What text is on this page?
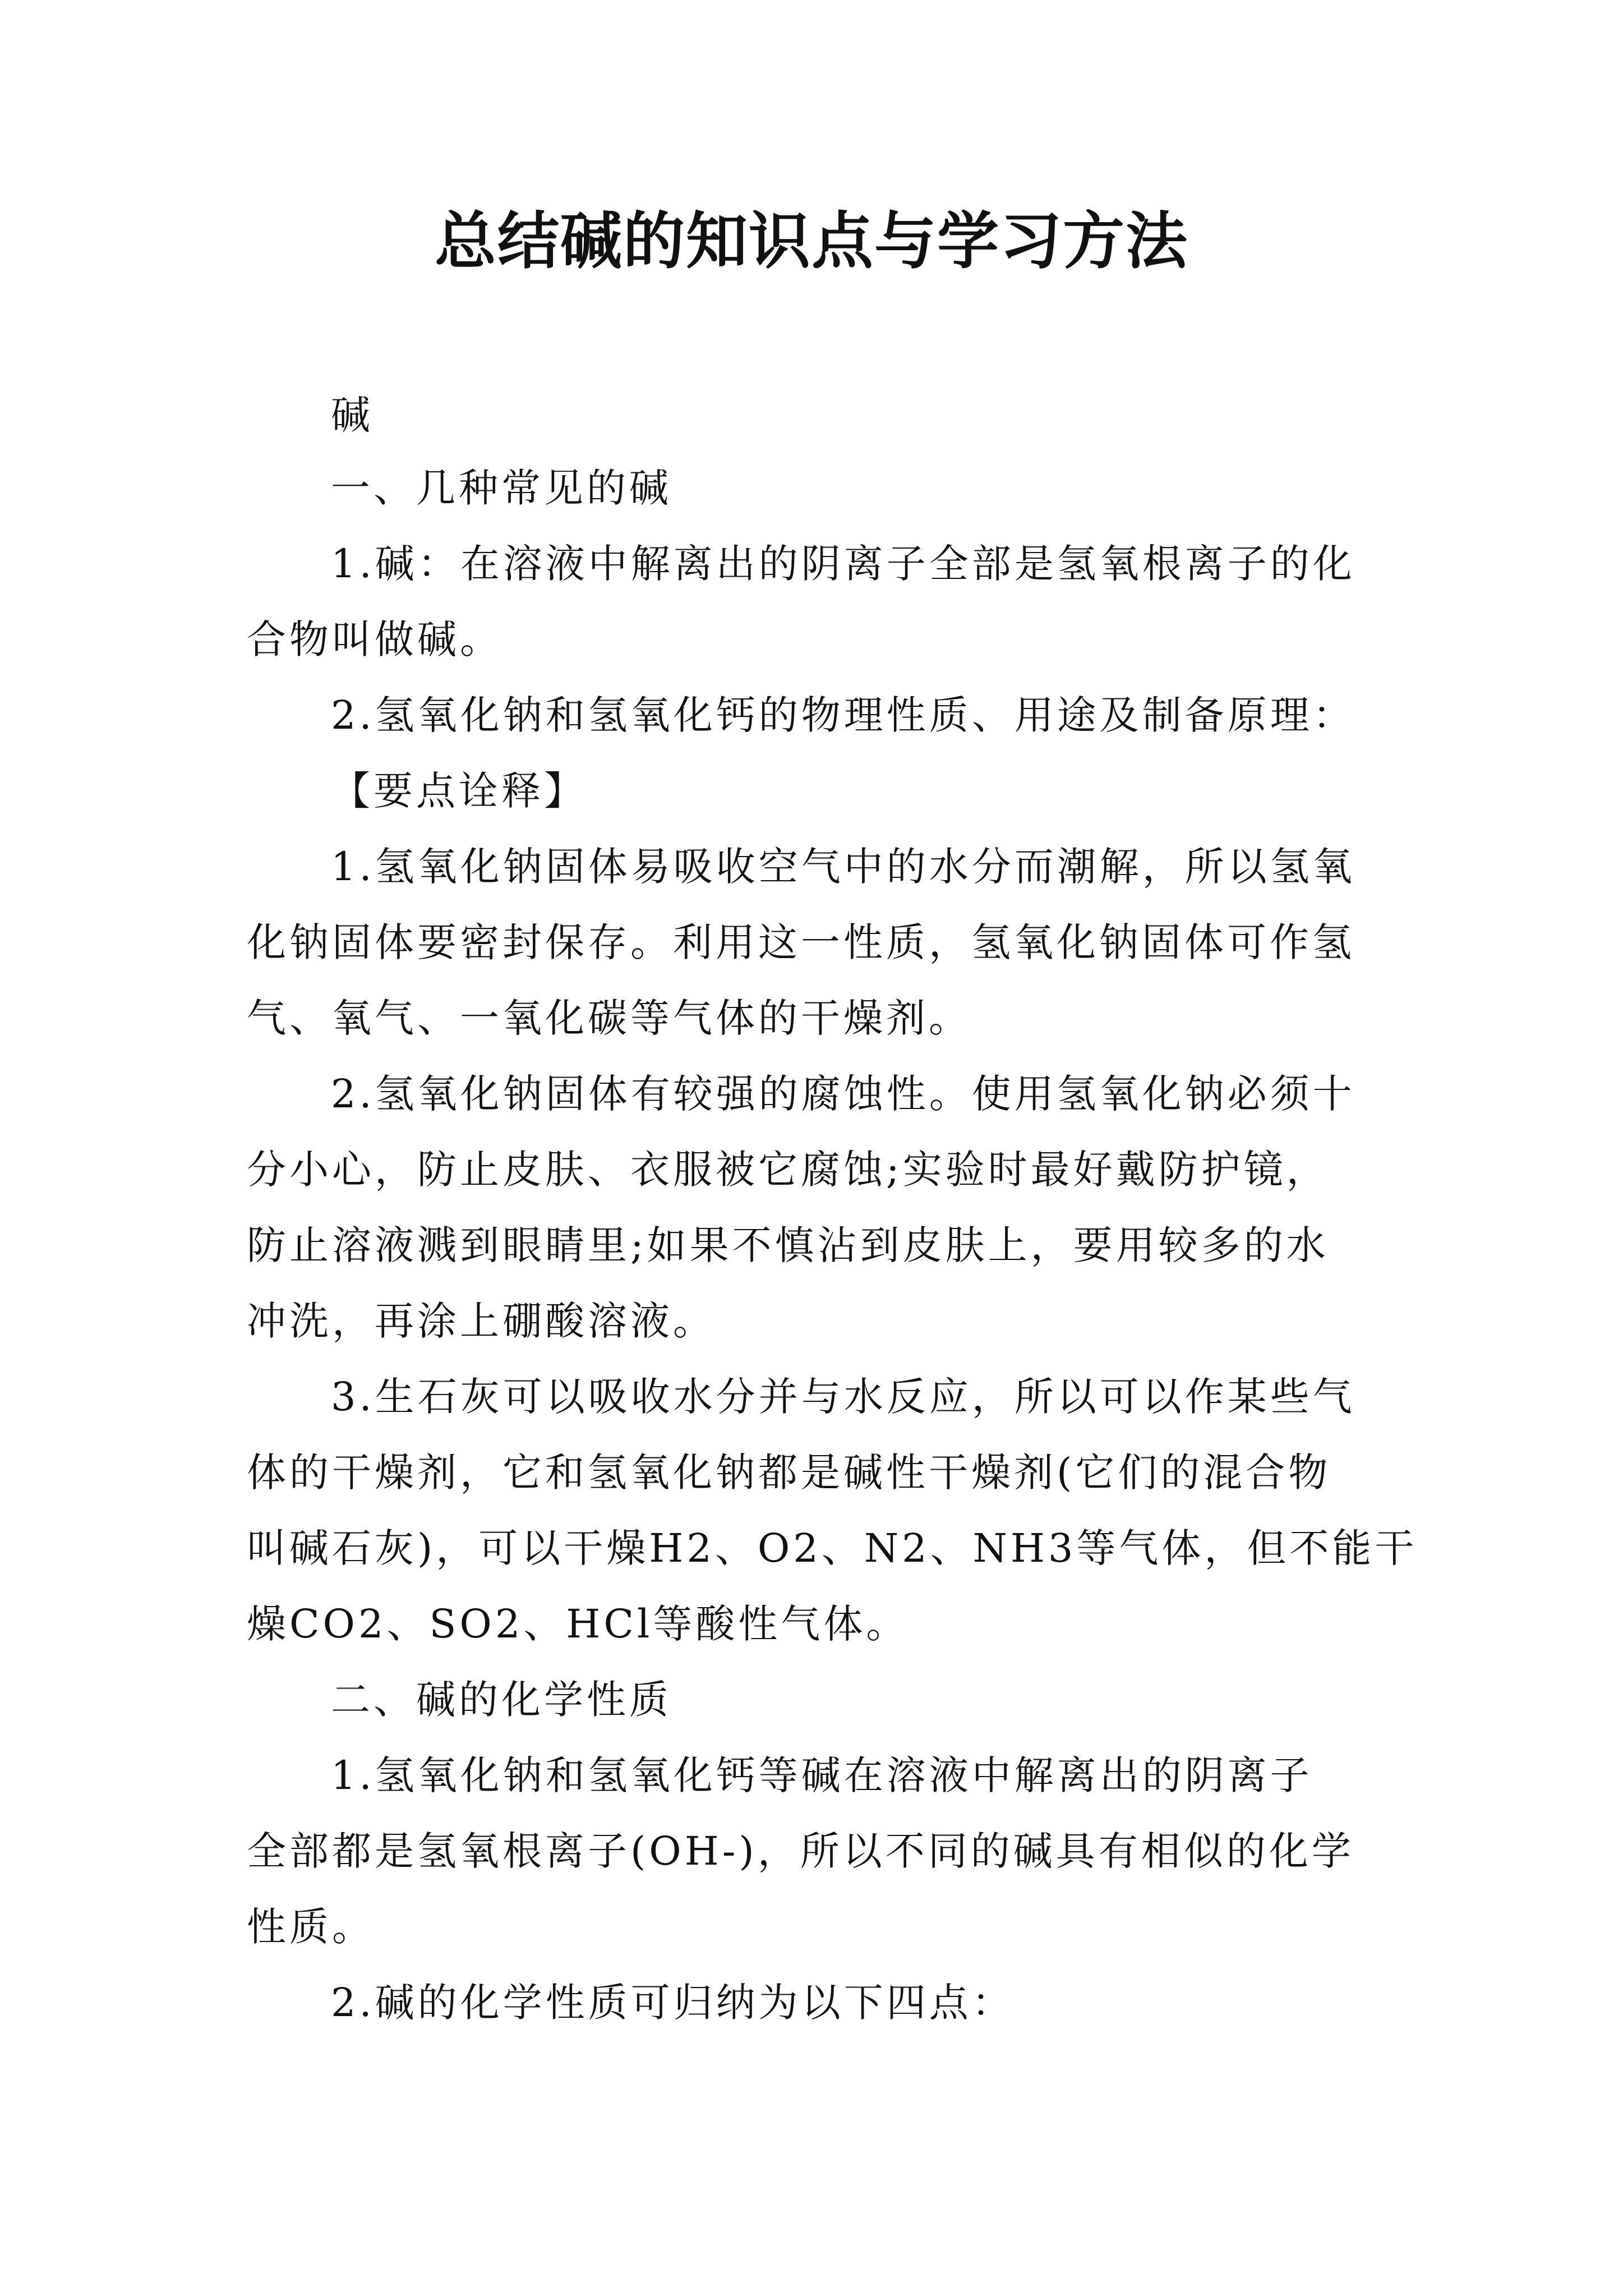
总结碱的知识点与学习方法
碱
一、几种常见的碱
1.碱：在溶液中解离出的阴离子全部是氢氧根离子的化
合物叫做碱。
2.氢氧化钠和氢氧化钙的物理性质、用途及制备原理：
【要点诠释】
1.氢氧化钠固体易吸收空气中的水分而潮解，所以氢氧
化钠固体要密封保存。利用这一性质，氢氧化钠固体可作氢
气、氧气、一氧化碳等气体的干燥剂。
2.氢氧化钠固体有较强的腐蚀性。使用氢氧化钠必须十
分小心，防止皮肤、衣服被它腐蚀;实验时最好戴防护镜，
防止溶液溅到眼睛里;如果不慎沾到皮肤上，要用较多的水
冲洗，再涂上硼酸溶液。
3.生石灰可以吸收水分并与水反应，所以可以作某些气
体的干燥剂，它和氢氧化钠都是碱性干燥剂(它们的混合物
叫碱石灰)，可以干燥H2、O2、N2、NH3等气体，但不能干
燥CO2、SO2、HCl等酸性气体。
二、碱的化学性质
1.氢氧化钠和氢氧化钙等碱在溶液中解离出的阴离子
全部都是氢氧根离子(OH-)，所以不同的碱具有相似的化学
性质。
2.碱的化学性质可归纳为以下四点：
